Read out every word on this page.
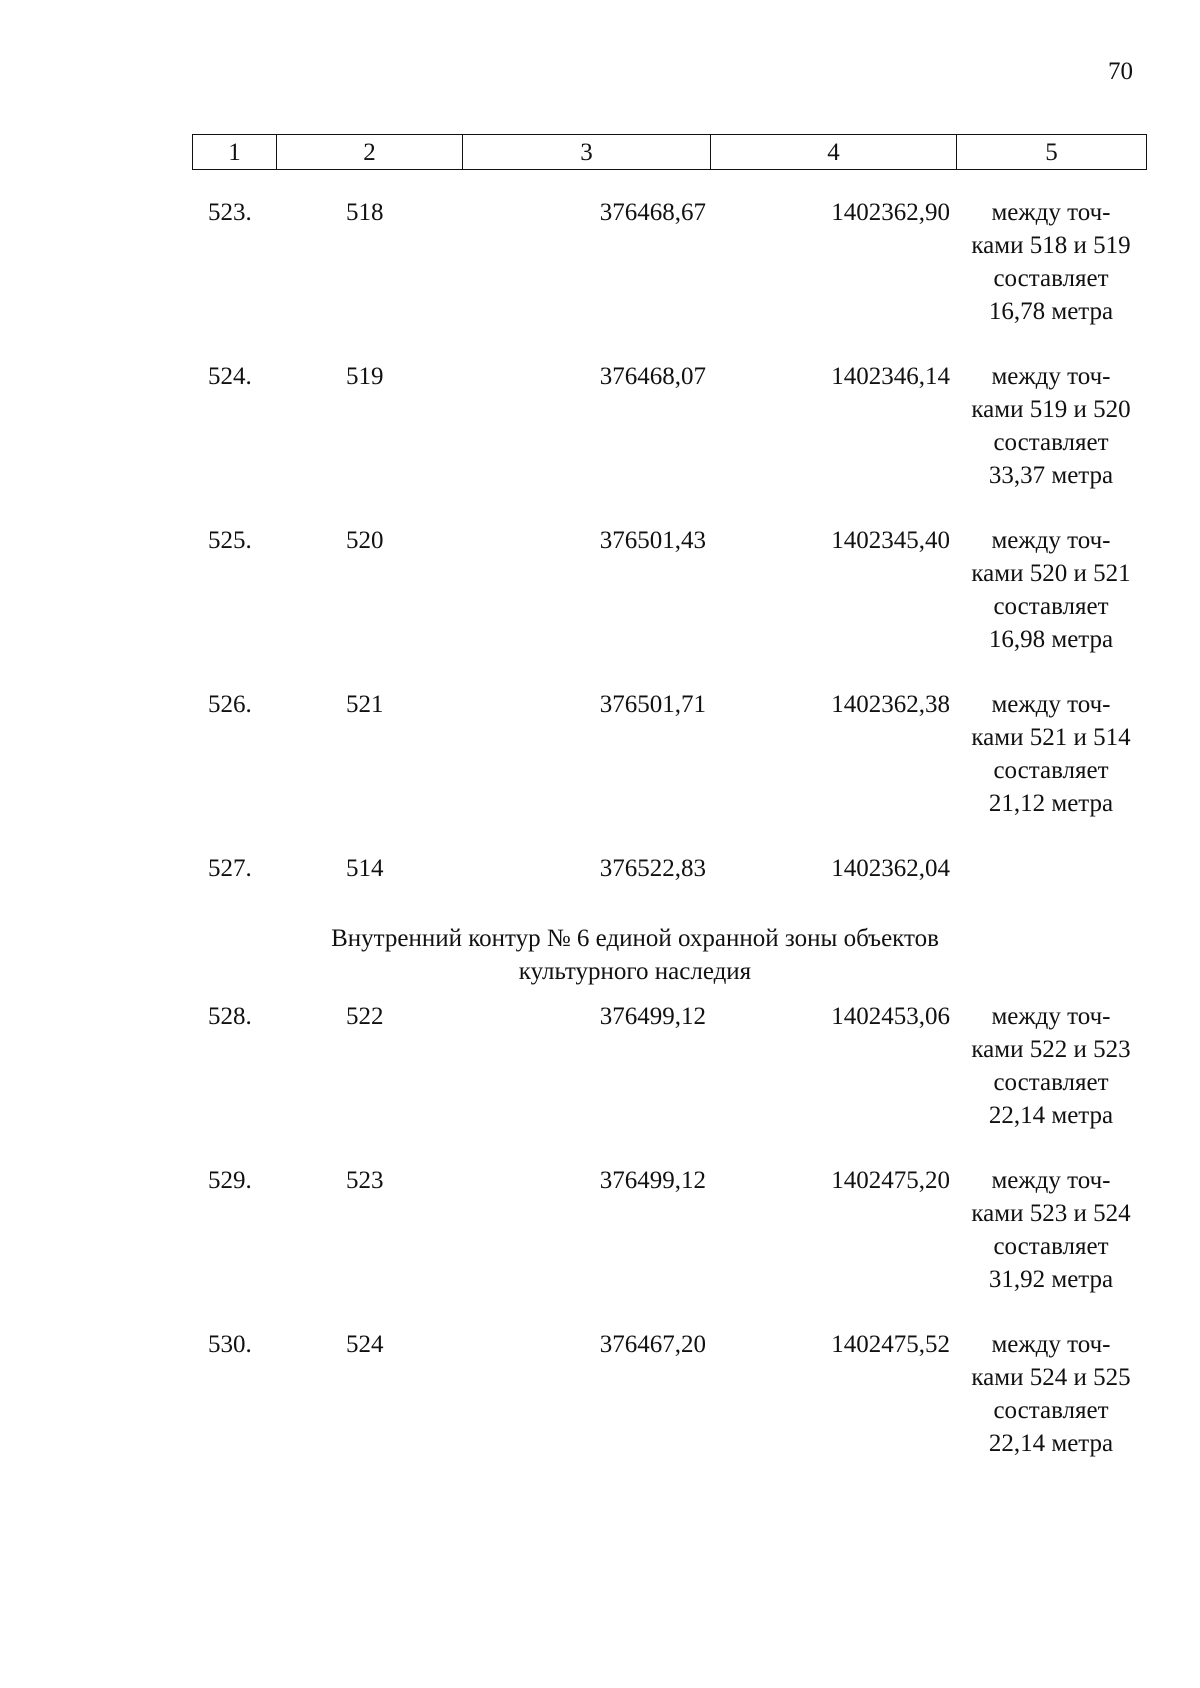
70
1	2	3	4	5
523.	518	376468,67	1402362,90	между точ-
ками 518 и 519
составляет
16,78 метра
524.	519	376468,07	1402346,14	между точ-
ками 519 и 520
составляет
33,37 метра
525.	520	376501,43	1402345,40	между точ-
ками 520 и 521
составляет
16,98 метра
526.	521	376501,71	1402362,38	между точ-
ками 521 и 514
составляет
21,12 метра
527.	514	376522,83	1402362,04
Внутренний контур № 6 единой охранной зоны объектов
культурного наследия
528.	522	376499,12	1402453,06	между точ-
ками 522 и 523
составляет
22,14 метра
529.	523	376499,12	1402475,20	между точ-
ками 523 и 524
составляет
31,92 метра
530.	524	376467,20	1402475,52	между точ-
ками 524 и 525
составляет
22,14 метра
